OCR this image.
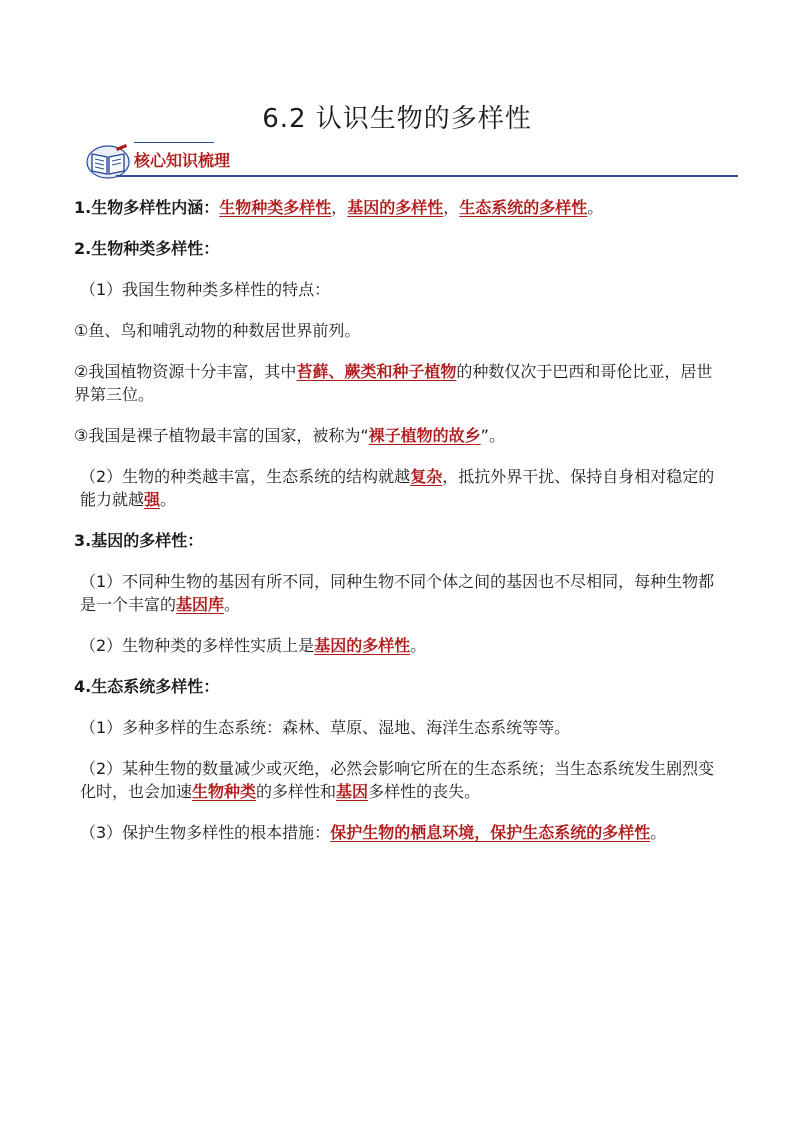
6.2 认识生物的多样性
核心知识梳理

1.生物多样性内涵：生物种类多样性，基因的多样性，生态系统的多样性。

2.生物种类多样性：

（1）我国生物种类多样性的特点：

①鱼、鸟和哺乳动物的种数居世界前列。

②我国植物资源十分丰富，其中苔藓、蕨类和种子植物的种数仅次于巴西和哥伦比亚，居世界第三位。

③我国是裸子植物最丰富的国家，被称为“裸子植物的故乡”。

（2）生物的种类越丰富，生态系统的结构就越复杂，抵抗外界干扰、保持自身相对稳定的能力就越强。

3.基因的多样性：

（1）不同种生物的基因有所不同，同种生物不同个体之间的基因也不尽相同，每种生物都是一个丰富的基因库。

（2）生物种类的多样性实质上是基因的多样性。

4.生态系统多样性：

（1）多种多样的生态系统：森林、草原、湿地、海洋生态系统等等。

（2）某种生物的数量减少或灭绝，必然会影响它所在的生态系统；当生态系统发生剧烈变化时，也会加速生物种类的多样性和基因多样性的丧失。

（3）保护生物多样性的根本措施：保护生物的栖息环境，保护生态系统的多样性。
